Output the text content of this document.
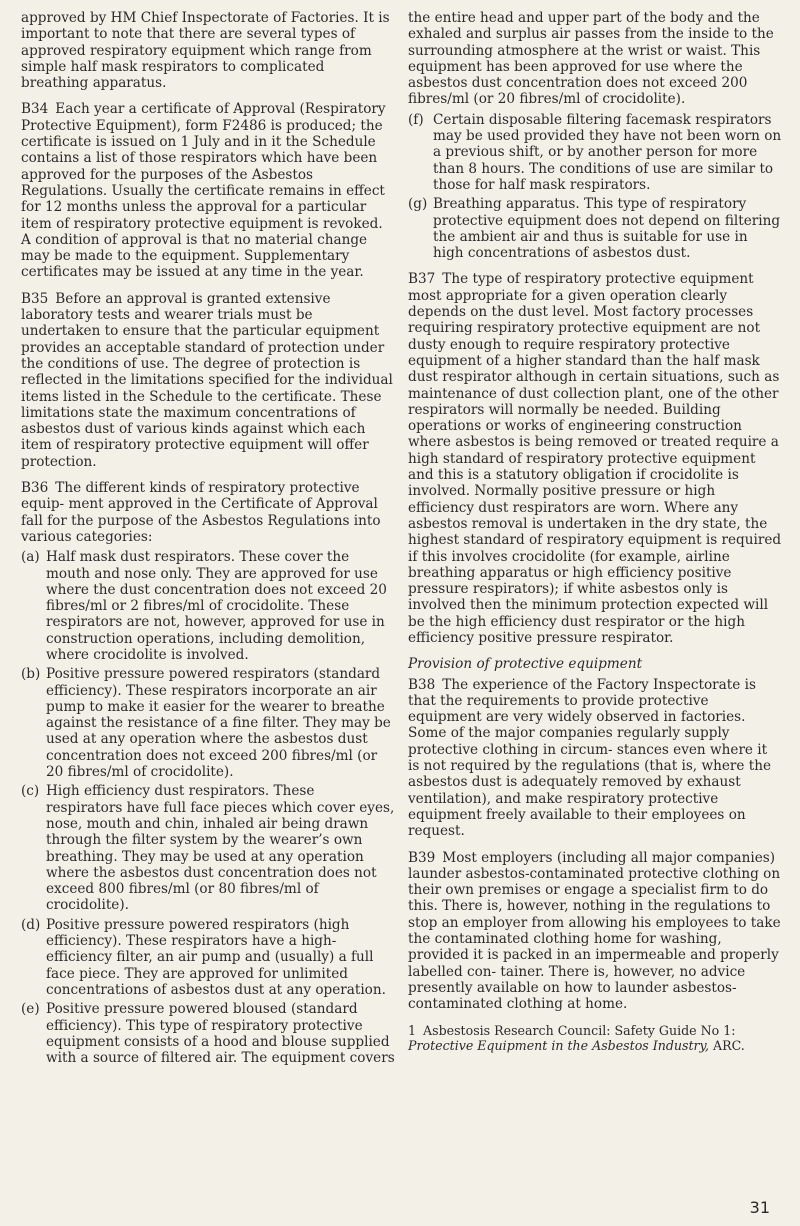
approved by HM Chief Inspectorate of Factories. It is important to note that there are several types of approved respiratory equipment which range from simple half mask respirators to complicated breathing apparatus.

B34 Each year a certificate of Approval (Respiratory Protective Equipment), form F2486 is produced; the certificate is issued on 1 July and in it the Schedule contains a list of those respirators which have been approved for the purposes of the Asbestos Regulations. Usually the certificate remains in effect for 12 months unless the approval for a particular item of respiratory protective equipment is revoked. A condition of approval is that no material change may be made to the equipment. Supplementary certificates may be issued at any time in the year.

B35 Before an approval is granted extensive laboratory tests and wearer trials must be undertaken to ensure that the particular equipment provides an acceptable standard of protection under the conditions of use. The degree of protection is reflected in the limitations specified for the individual items listed in the Schedule to the certificate. These limitations state the maximum concentrations of asbestos dust of various kinds against which each item of respiratory protective equipment will offer protection.

B36 The different kinds of respiratory protective equip- ment approved in the Certificate of Approval fall for the purpose of the Asbestos Regulations into various categories:

(a) Half mask dust respirators. These cover the mouth and nose only. They are approved for use where the dust concentration does not exceed 20 fibres/ml or 2 fibres/ml of crocidolite. These respirators are not, however, approved for use in construction operations, including demolition, where crocidolite is involved.
(b) Positive pressure powered respirators (standard efficiency). These respirators incorporate an air pump to make it easier for the wearer to breathe against the resistance of a fine filter. They may be used at any operation where the asbestos dust concentration does not exceed 200 fibres/ml (or 20 fibres/ml of crocidolite).
(c) High efficiency dust respirators. These respirators have full face pieces which cover eyes, nose, mouth and chin, inhaled air being drawn through the filter system by the wearer’s own breathing. They may be used at any operation where the asbestos dust concentration does not exceed 800 fibres/ml (or 80 fibres/ml of crocidolite).
(d) Positive pressure powered respirators (high efficiency). These respirators have a high-efficiency filter, an air pump and (usually) a full face piece. They are approved for unlimited concentrations of asbestos dust at any operation.
(e) Positive pressure powered bloused (standard efficiency). This type of respiratory protective equipment consists of a hood and blouse supplied with a source of filtered air. The equipment covers

the entire head and upper part of the body and the exhaled and surplus air passes from the inside to the surrounding atmosphere at the wrist or waist. This equipment has been approved for use where the asbestos dust concentration does not exceed 200 fibres/ml (or 20 fibres/ml of crocidolite).

(f) Certain disposable filtering facemask respirators may be used provided they have not been worn on a previous shift, or by another person for more than 8 hours. The conditions of use are similar to those for half mask respirators.
(g) Breathing apparatus. This type of respiratory protective equipment does not depend on filtering the ambient air and thus is suitable for use in high concentrations of asbestos dust.

B37 The type of respiratory protective equipment most appropriate for a given operation clearly depends on the dust level. Most factory processes requiring respiratory protective equipment are not dusty enough to require respiratory protective equipment of a higher standard than the half mask dust respirator although in certain situations, such as maintenance of dust collection plant, one of the other respirators will normally be needed. Building operations or works of engineering construction where asbestos is being removed or treated require a high standard of respiratory protective equipment and this is a statutory obligation if crocidolite is involved. Normally positive pressure or high efficiency dust respirators are worn. Where any asbestos removal is undertaken in the dry state, the highest standard of respiratory equipment is required if this involves crocidolite (for example, airline breathing apparatus or high efficiency positive pressure respirators); if white asbestos only is involved then the minimum protection expected will be the high efficiency dust respirator or the high efficiency positive pressure respirator.

Provision of protective equipment

B38 The experience of the Factory Inspectorate is that the requirements to provide protective equipment are very widely observed in factories. Some of the major companies regularly supply protective clothing in circum- stances even where it is not required by the regulations (that is, where the asbestos dust is adequately removed by exhaust ventilation), and make respiratory protective equipment freely available to their employees on request.

B39 Most employers (including all major companies) launder asbestos-contaminated protective clothing on their own premises or engage a specialist firm to do this. There is, however, nothing in the regulations to stop an employer from allowing his employees to take the contaminated clothing home for washing, provided it is packed in an impermeable and properly labelled con- tainer. There is, however, no advice presently available on how to launder asbestos-contaminated clothing at home.

1 Asbestosis Research Council: Safety Guide No 1: Protective Equipment in the Asbestos Industry, ARC.

31
